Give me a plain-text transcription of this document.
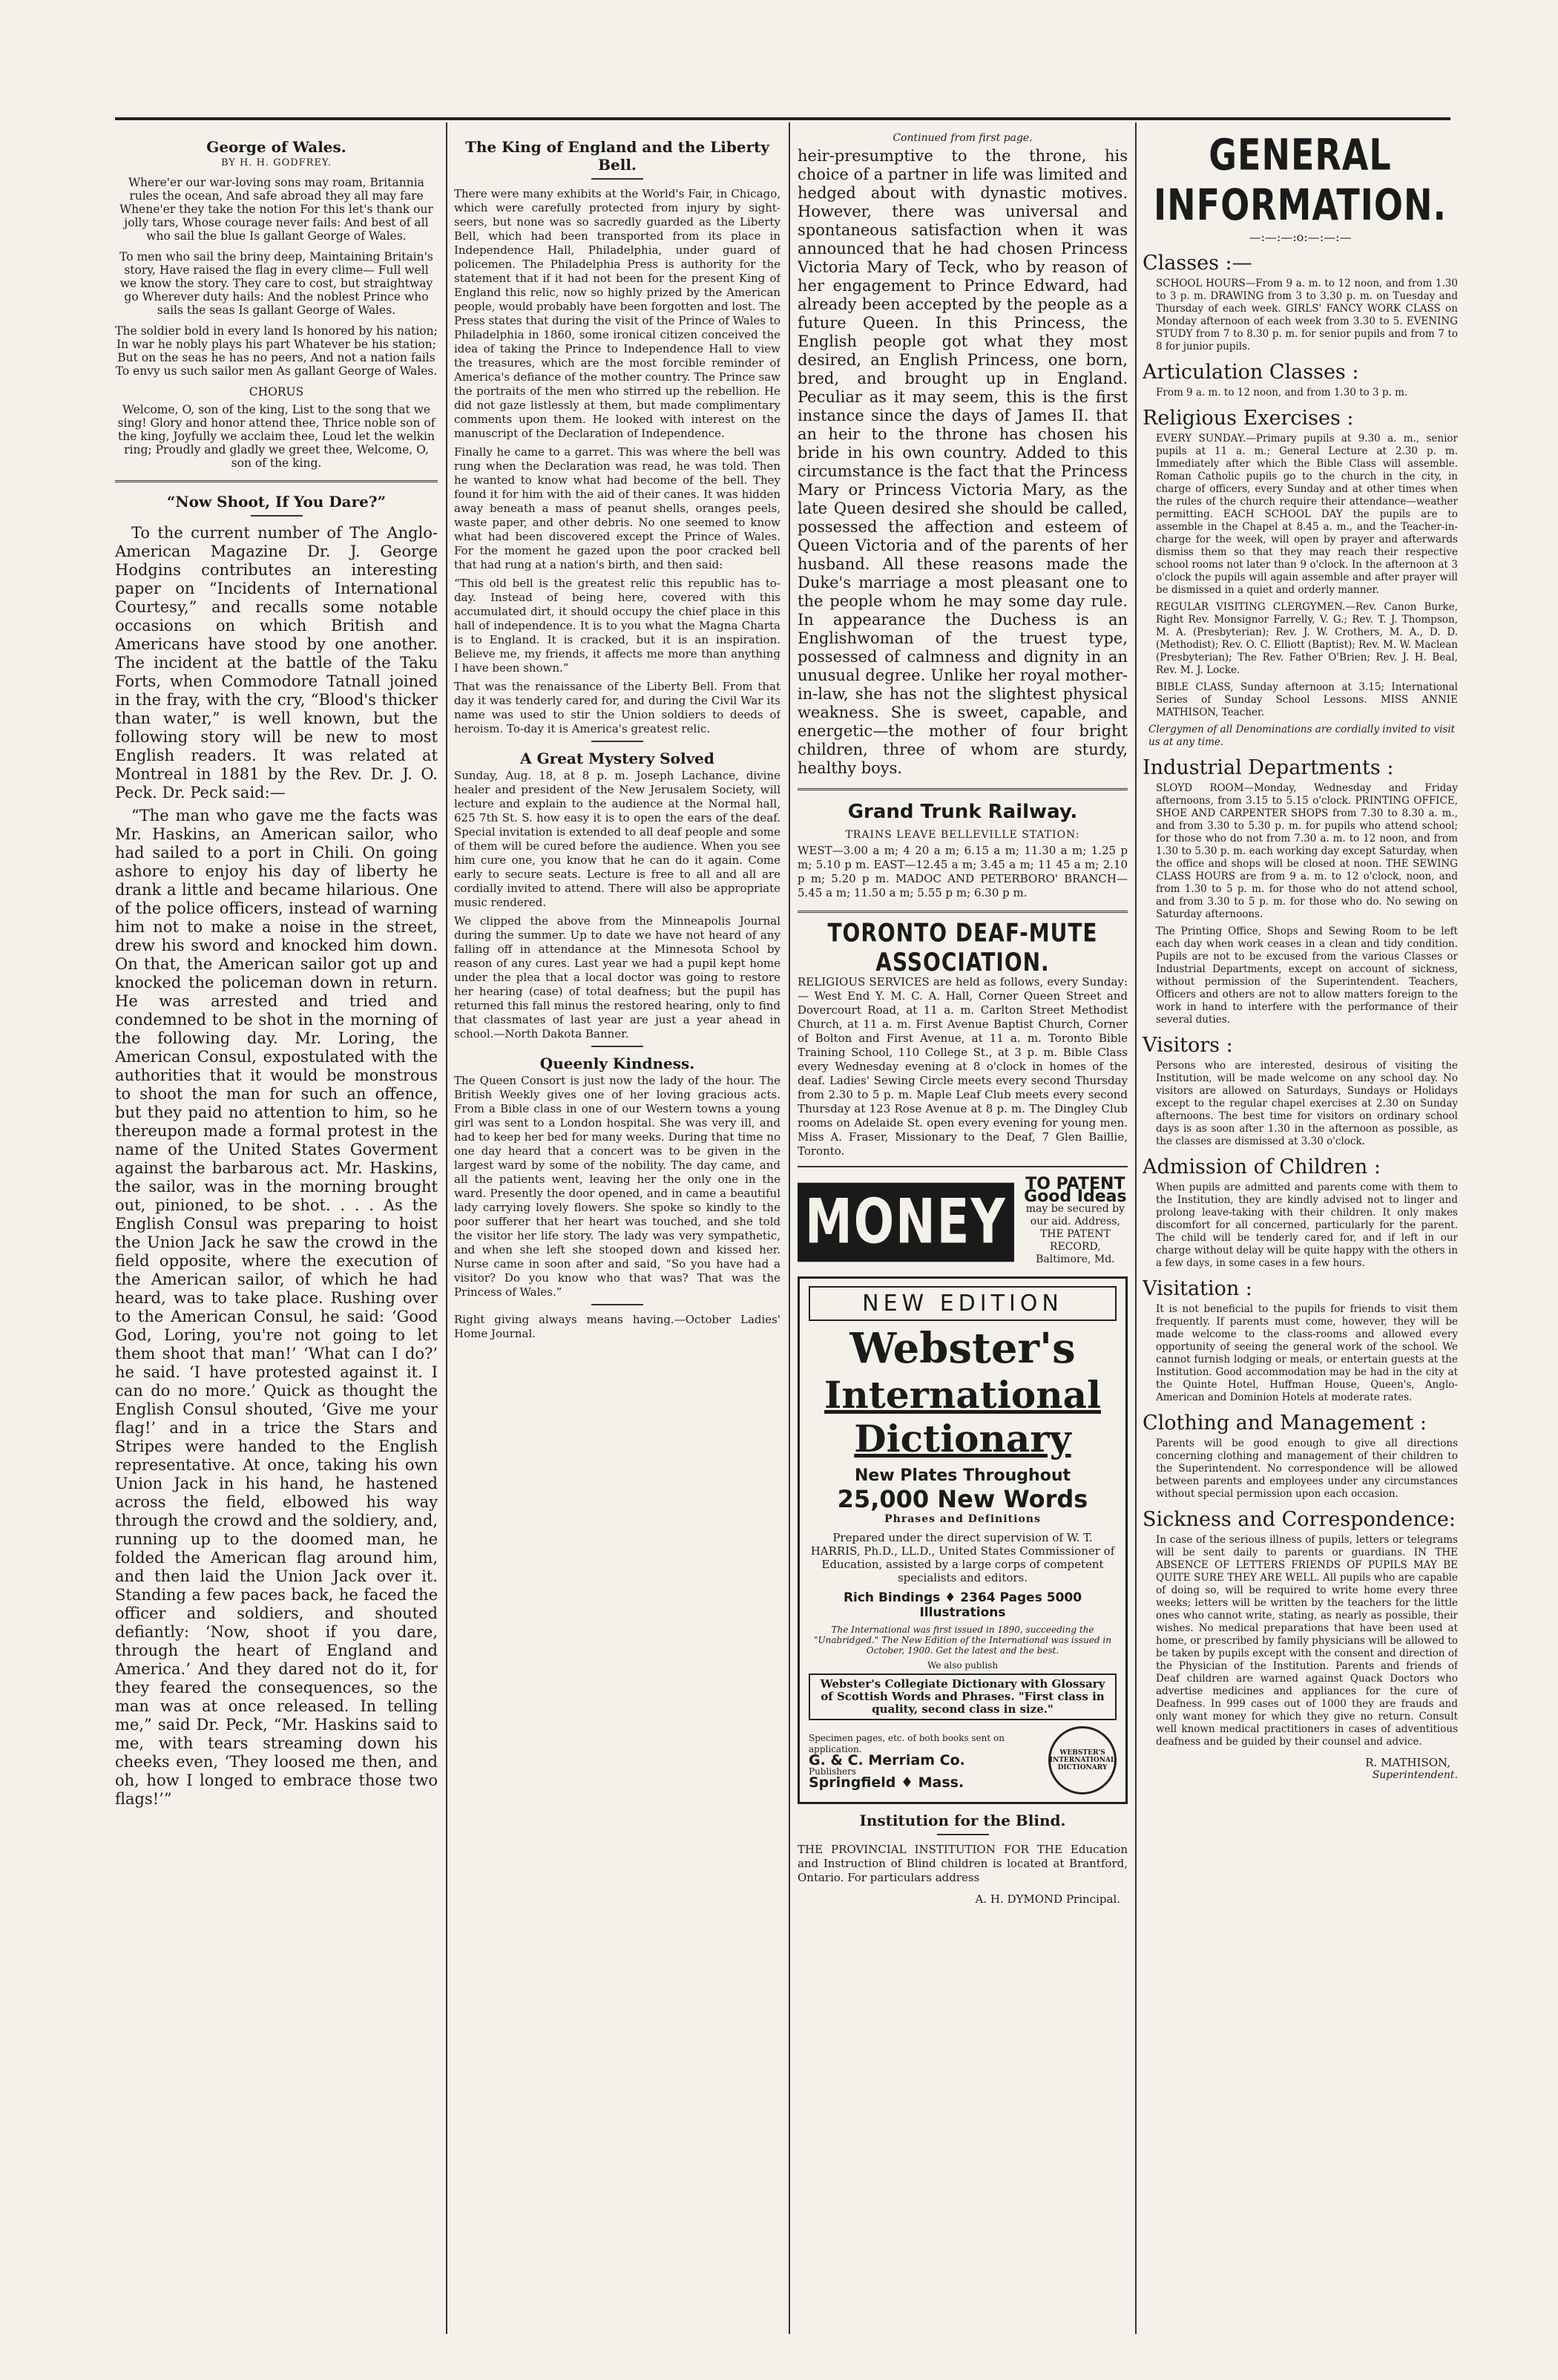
George of Wales.
BY H. H. GODFREY.
Where'er our war-loving sons may roam, Britannia rules the ocean, And safe abroad they all may fare Whene'er they take the notion For this let's thank our jolly tars, Whose courage never fails: And best of all who sail the blue Is gallant George of Wales.
To men who sail the briny deep, Maintaining Britain's story, Have raised the flag in every clime— Full well we know the story. They care to cost, but straightway go Wherever duty hails: And the noblest Prince who sails the seas Is gallant George of Wales.
The soldier bold in every land Is honored by his nation; In war he nobly plays his part Whatever be his station; But on the seas he has no peers, And not a nation fails To envy us such sailor men As gallant George of Wales.
CHORUS
Welcome, O, son of the king, List to the song that we sing! Glory and honor attend thee, Thrice noble son of the king, Joyfully we acclaim thee, Loud let the welkin ring; Proudly and gladly we greet thee, Welcome, O, son of the king.
“Now Shoot, If You Dare?”

To the current number of The Anglo-American Magazine Dr. J. George Hodgins contributes an interesting paper on “Incidents of International Courtesy,” and recalls some notable occasions on which British and Americans have stood by one another. The incident at the battle of the Taku Forts, when Commodore Tatnall joined in the fray, with the cry, “Blood's thicker than water,” is well known, but the following story will be new to most English readers. It was related at Montreal in 1881 by the Rev. Dr. J. O. Peck. Dr. Peck said:—

“The man who gave me the facts was Mr. Haskins, an American sailor, who had sailed to a port in Chili. On going ashore to enjoy his day of liberty he drank a little and became hilarious. One of the police officers, instead of warning him not to make a noise in the street, drew his sword and knocked him down. On that, the American sailor got up and knocked the policeman down in return. He was arrested and tried and condemned to be shot in the morning of the following day. Mr. Loring, the American Consul, expostulated with the authorities that it would be monstrous to shoot the man for such an offence, but they paid no attention to him, so he thereupon made a formal protest in the name of the United States Goverment against the barbarous act. Mr. Haskins, the sailor, was in the morning brought out, pinioned, to be shot. . . . As the English Consul was preparing to hoist the Union Jack he saw the crowd in the field opposite, where the execution of the American sailor, of which he had heard, was to take place. Rushing over to the American Consul, he said: ‘Good God, Loring, you're not going to let them shoot that man!’ ‘What can I do?’ he said. ‘I have protested against it. I can do no more.’ Quick as thought the English Consul shouted, ‘Give me your flag!’ and in a trice the Stars and Stripes were handed to the English representative. At once, taking his own Union Jack in his hand, he hastened across the field, elbowed his way through the crowd and the soldiery, and, running up to the doomed man, he folded the American flag around him, and then laid the Union Jack over it. Standing a few paces back, he faced the officer and soldiers, and shouted defiantly: ‘Now, shoot if you dare, through the heart of England and America.’ And they dared not do it, for they feared the consequences, so the man was at once released. In telling me,” said Dr. Peck, “Mr. Haskins said to me, with tears streaming down his cheeks even, ‘They loosed me then, and oh, how I longed to embrace those two flags!’”

The King of England and the Liberty Bell.

There were many exhibits at the World's Fair, in Chicago, which were carefully protected from injury by sight-seers, but none was so sacredly guarded as the Liberty Bell, which had been transported from its place in Independence Hall, Philadelphia, under guard of policemen. The Philadelphia Press is authority for the statement that if it had not been for the present King of England this relic, now so highly prized by the American people, would probably have been forgotten and lost. The Press states that during the visit of the Prince of Wales to Philadelphia in 1860, some ironical citizen conceived the idea of taking the Prince to Independence Hall to view the treasures, which are the most forcible reminder of America's defiance of the mother country. The Prince saw the portraits of the men who stirred up the rebellion. He did not gaze listlessly at them, but made complimentary comments upon them. He looked with interest on the manuscript of the Declaration of Independence.

Finally he came to a garret. This was where the bell was rung when the Declaration was read, he was told. Then he wanted to know what had become of the bell. They found it for him with the aid of their canes. It was hidden away beneath a mass of peanut shells, oranges peels, waste paper, and other debris. No one seemed to know what had been discovered except the Prince of Wales. For the moment he gazed upon the poor cracked bell that had rung at a nation's birth, and then said:

“This old bell is the greatest relic this republic has to-day. Instead of being here, covered with this accumulated dirt, it should occupy the chief place in this hall of independence. It is to you what the Magna Charta is to England. It is cracked, but it is an inspiration. Believe me, my friends, it affects me more than anything I have been shown.”

That was the renaissance of the Liberty Bell. From that day it was tenderly cared for, and during the Civil War its name was used to stir the Union soldiers to deeds of heroism. To-day it is America's greatest relic.

A Great Mystery Solved

Sunday, Aug. 18, at 8 p. m. Joseph Lachance, divine healer and president of the New Jerusalem Society, will lecture and explain to the audience at the Normal hall, 625 7th St. S. how easy it is to open the ears of the deaf. Special invitation is extended to all deaf people and some of them will be cured before the audience. When you see him cure one, you know that he can do it again. Come early to secure seats. Lecture is free to all and all are cordially invited to attend. There will also be appropriate music rendered.

We clipped the above from the Minneapolis Journal during the summer. Up to date we have not heard of any falling off in attendance at the Minnesota School by reason of any cures. Last year we had a pupil kept home under the plea that a local doctor was going to restore her hearing (case) of total deafness; but the pupil has returned this fall minus the restored hearing, only to find that classmates of last year are just a year ahead in school.—North Dakota Banner.

Queenly Kindness.

The Queen Consort is just now the lady of the hour. The British Weekly gives one of her loving gracious acts. From a Bible class in one of our Western towns a young girl was sent to a London hospital. She was very ill, and had to keep her bed for many weeks. During that time no one day heard that a concert was to be given in the largest ward by some of the nobility. The day came, and all the patients went, leaving her the only one in the ward. Presently the door opened, and in came a beautiful lady carrying lovely flowers. She spoke so kindly to the poor sufferer that her heart was touched, and she told the visitor her life story. The lady was very sympathetic, and when she left she stooped down and kissed her. Nurse came in soon after and said, “So you have had a visitor? Do you know who that was? That was the Princess of Wales.”

Right giving always means having.—October Ladies' Home Journal.

Continued from first page.

heir-presumptive to the throne, his choice of a partner in life was limited and hedged about with dynastic motives. However, there was universal and spontaneous satisfaction when it was announced that he had chosen Princess Victoria Mary of Teck, who by reason of her engagement to Prince Edward, had already been accepted by the people as a future Queen. In this Princess, the English people got what they most desired, an English Princess, one born, bred, and brought up in England. Peculiar as it may seem, this is the first instance since the days of James II. that an heir to the throne has chosen his bride in his own country. Added to this circumstance is the fact that the Princess Mary or Princess Victoria Mary, as the late Queen desired she should be called, possessed the affection and esteem of Queen Victoria and of the parents of her husband. All these reasons made the Duke's marriage a most pleasant one to the people whom he may some day rule. In appearance the Duchess is an Englishwoman of the truest type, possessed of calmness and dignity in an unusual degree. Unlike her royal mother-in-law, she has not the slightest physical weakness. She is sweet, capable, and energetic—the mother of four bright children, three of whom are sturdy, healthy boys.

Grand Trunk Railway.
TRAINS LEAVE BELLEVILLE STATION:

WEST—3.00 a m; 4 20 a m; 6.15 a m; 11.30 a m; 1.25 p m; 5.10 p m. EAST—12.45 a m; 3.45 a m; 11 45 a m; 2.10 p m; 5.20 p m. MADOC AND PETERBORO' BRANCH—5.45 a m; 11.50 a m; 5.55 p m; 6.30 p m.

TORONTO DEAF-MUTE ASSOCIATION.

RELIGIOUS SERVICES are held as follows, every Sunday:— West End Y. M. C. A. Hall, Corner Queen Street and Dovercourt Road, at 11 a. m. Carlton Street Methodist Church, at 11 a. m. First Avenue Baptist Church, Corner of Bolton and First Avenue, at 11 a. m. Toronto Bible Training School, 110 College St., at 3 p. m. Bible Class every Wednesday evening at 8 o'clock in homes of the deaf. Ladies' Sewing Circle meets every second Thursday from 2.30 to 5 p. m. Maple Leaf Club meets every second Thursday at 123 Rose Avenue at 8 p. m. The Dingley Club rooms on Adelaide St. open every evening for young men. Miss A. Fraser, Missionary to the Deaf, 7 Glen Baillie, Toronto.

MONEY
TO PATENT Good Ideas
may be secured by our aid. Address, THE PATENT RECORD, Baltimore, Md.
NEW EDITION
Webster's
International
Dictionary
New Plates Throughout
25,000 New Words
Phrases and Definitions
Prepared under the direct supervision of W. T. HARRIS, Ph.D., LL.D., United States Commissioner of Education, assisted by a large corps of competent specialists and editors.
Rich Bindings ♦ 2364 Pages 5000 Illustrations
The International was first issued in 1890, succeeding the "Unabridged." The New Edition of the International was issued in October, 1900. Get the latest and the best.
We also publish
Webster's Collegiate Dictionary with Glossary of Scottish Words and Phrases. "First class in quality, second class in size."
Specimen pages, etc. of both books sent on application.
G. & C. Merriam Co.
Publishers
Springfield ♦ Mass.
WEBSTER'S INTERNATIONAL DICTIONARY
Institution for the Blind.

THE PROVINCIAL INSTITUTION FOR THE Education and Instruction of Blind children is located at Brantford, Ontario. For particulars address

A. H. DYMOND Principal.
GENERAL INFORMATION.
—:—:—:o:—:—:—
Classes :—

SCHOOL HOURS—From 9 a. m. to 12 noon, and from 1.30 to 3 p. m. DRAWING from 3 to 3.30 p. m. on Tuesday and Thursday of each week. GIRLS' FANCY WORK CLASS on Monday afternoon of each week from 3.30 to 5. EVENING STUDY from 7 to 8.30 p. m. for senior pupils and from 7 to 8 for junior pupils.

Articulation Classes :

From 9 a. m. to 12 noon, and from 1.30 to 3 p. m.

Religious Exercises :

EVERY SUNDAY.—Primary pupils at 9.30 a. m., senior pupils at 11 a. m.; General Lecture at 2.30 p. m. Immediately after which the Bible Class will assemble. Roman Catholic pupils go to the church in the city, in charge of officers, every Sunday and at other times when the rules of the church require their attendance—weather permitting. EACH SCHOOL DAY the pupils are to assemble in the Chapel at 8.45 a. m., and the Teacher-in-charge for the week, will open by prayer and afterwards dismiss them so that they may reach their respective school rooms not later than 9 o'clock. In the afternoon at 3 o'clock the pupils will again assemble and after prayer will be dismissed in a quiet and orderly manner.

REGULAR VISITING CLERGYMEN.—Rev. Canon Burke, Right Rev. Monsignor Farrelly, V. G.; Rev. T. J. Thompson, M. A. (Presbyterian); Rev. J. W. Crothers, M. A., D. D. (Methodist); Rev. O. C. Elliott (Baptist); Rev. M. W. Maclean (Presbyterian); The Rev. Father O'Brien; Rev. J. H. Beal, Rev. M. J. Locke.

BIBLE CLASS, Sunday afternoon at 3.15; International Series of Sunday School Lessons. MISS ANNIE MATHISON, Teacher.

Clergymen of all Denominations are cordially invited to visit us at any time.

Industrial Departments :

SLOYD ROOM—Monday, Wednesday and Friday afternoons, from 3.15 to 5.15 o'clock. PRINTING OFFICE, SHOE AND CARPENTER SHOPS from 7.30 to 8.30 a. m., and from 3.30 to 5.30 p. m. for pupils who attend school; for those who do not from 7.30 a. m. to 12 noon, and from 1.30 to 5.30 p. m. each working day except Saturday, when the office and shops will be closed at noon. THE SEWING CLASS HOURS are from 9 a. m. to 12 o'clock, noon, and from 1.30 to 5 p. m. for those who do not attend school, and from 3.30 to 5 p. m. for those who do. No sewing on Saturday afternoons.

The Printing Office, Shops and Sewing Room to be left each day when work ceases in a clean and tidy condition. Pupils are not to be excused from the various Classes or Industrial Departments, except on account of sickness, without permission of the Superintendent. Teachers, Officers and others are not to allow matters foreign to the work in hand to interfere with the performance of their several duties.

Visitors :

Persons who are interested, desirous of visiting the Institution, will be made welcome on any school day. No visitors are allowed on Saturdays, Sundays or Holidays except to the regular chapel exercises at 2.30 on Sunday afternoons. The best time for visitors on ordinary school days is as soon after 1.30 in the afternoon as possible, as the classes are dismissed at 3.30 o'clock.

Admission of Children :

When pupils are admitted and parents come with them to the Institution, they are kindly advised not to linger and prolong leave-taking with their children. It only makes discomfort for all concerned, particularly for the parent. The child will be tenderly cared for, and if left in our charge without delay will be quite happy with the others in a few days, in some cases in a few hours.

Visitation :

It is not beneficial to the pupils for friends to visit them frequently. If parents must come, however, they will be made welcome to the class-rooms and allowed every opportunity of seeing the general work of the school. We cannot furnish lodging or meals, or entertain guests at the Institution. Good accommodation may be had in the city at the Quinte Hotel, Huffman House, Queen's, Anglo-American and Dominion Hotels at moderate rates.

Clothing and Management :

Parents will be good enough to give all directions concerning clothing and management of their children to the Superintendent. No correspondence will be allowed between parents and employees under any circumstances without special permission upon each occasion.

Sickness and Correspondence:

In case of the serious illness of pupils, letters or telegrams will be sent daily to parents or guardians. IN THE ABSENCE OF LETTERS FRIENDS OF PUPILS MAY BE QUITE SURE THEY ARE WELL. All pupils who are capable of doing so, will be required to write home every three weeks; letters will be written by the teachers for the little ones who cannot write, stating, as nearly as possible, their wishes. No medical preparations that have been used at home, or prescribed by family physicians will be allowed to be taken by pupils except with the consent and direction of the Physician of the Institution. Parents and friends of Deaf children are warned against Quack Doctors who advertise medicines and appliances for the cure of Deafness. In 999 cases out of 1000 they are frauds and only want money for which they give no return. Consult well known medical practitioners in cases of adventitious deafness and be guided by their counsel and advice.

R. MATHISON,
Superintendent.
